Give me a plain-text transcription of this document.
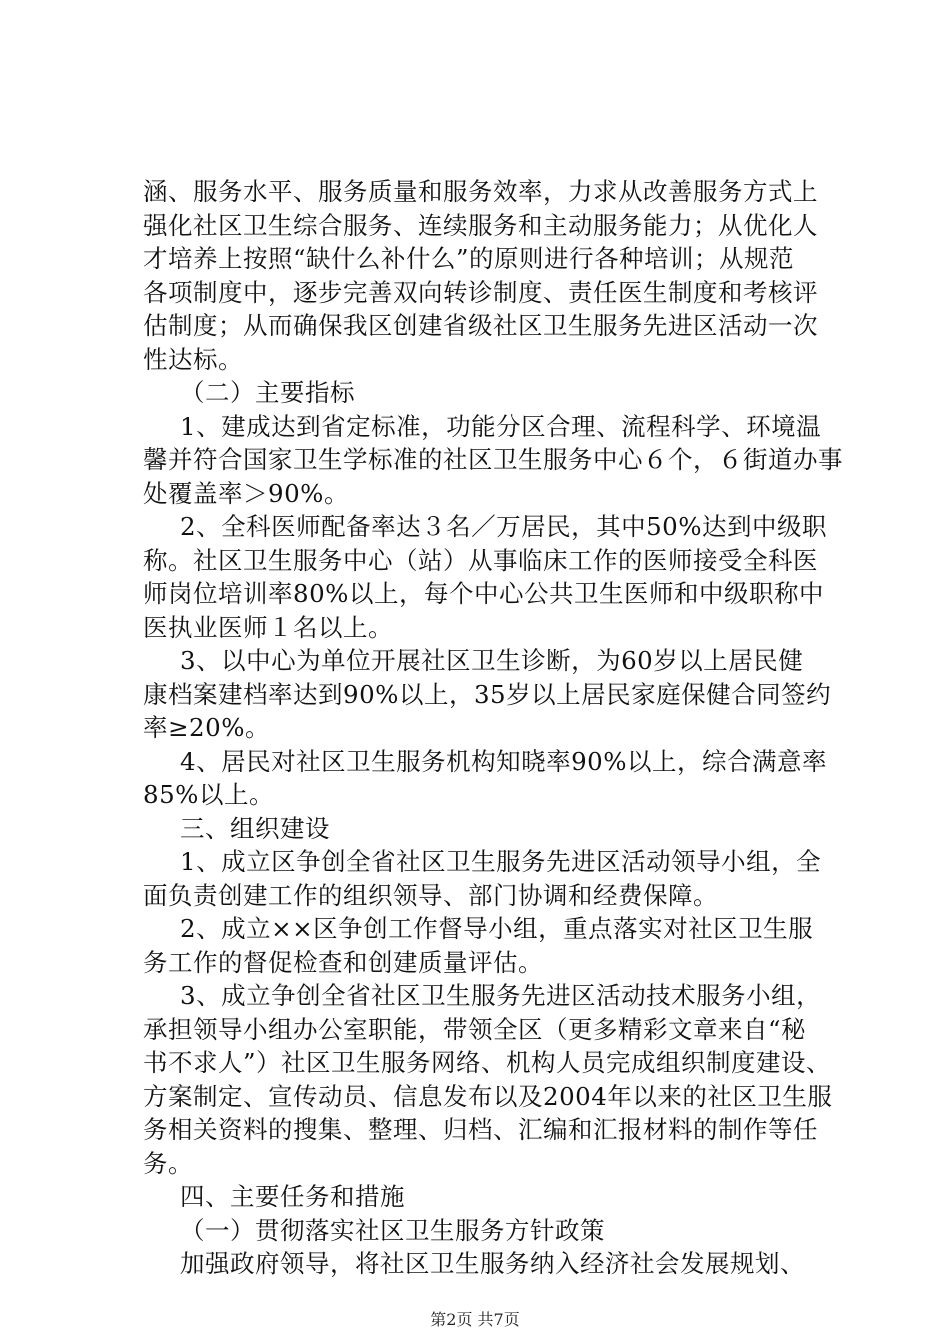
涵、服务水平、服务质量和服务效率，力求从改善服务方式上
强化社区卫生综合服务、连续服务和主动服务能力；从优化人
才培养上按照“缺什么补什么”的原则进行各种培训；从规范
各项制度中，逐步完善双向转诊制度、责任医生制度和考核评
估制度；从而确保我区创建省级社区卫生服务先进区活动一次
性达标。
（二）主要指标
1、建成达到省定标准，功能分区合理、流程科学、环境温
馨并符合国家卫生学标准的社区卫生服务中心６个，６街道办事
处覆盖率＞90%。
2、全科医师配备率达３名／万居民，其中50%达到中级职
称。社区卫生服务中心（站）从事临床工作的医师接受全科医
师岗位培训率80%以上，每个中心公共卫生医师和中级职称中
医执业医师１名以上。
3、以中心为单位开展社区卫生诊断，为60岁以上居民健
康档案建档率达到90%以上，35岁以上居民家庭保健合同签约
率≥20%。
4、居民对社区卫生服务机构知晓率90%以上，综合满意率
85%以上。
三、组织建设
1、成立区争创全省社区卫生服务先进区活动领导小组，全
面负责创建工作的组织领导、部门协调和经费保障。
2、成立××区争创工作督导小组，重点落实对社区卫生服
务工作的督促检查和创建质量评估。
3、成立争创全省社区卫生服务先进区活动技术服务小组，
承担领导小组办公室职能，带领全区（更多精彩文章来自“秘
书不求人”）社区卫生服务网络、机构人员完成组织制度建设、
方案制定、宣传动员、信息发布以及2004年以来的社区卫生服
务相关资料的搜集、整理、归档、汇编和汇报材料的制作等任
务。
四、主要任务和措施
（一）贯彻落实社区卫生服务方针政策
加强政府领导，将社区卫生服务纳入经济社会发展规划、
第2页 共7页
